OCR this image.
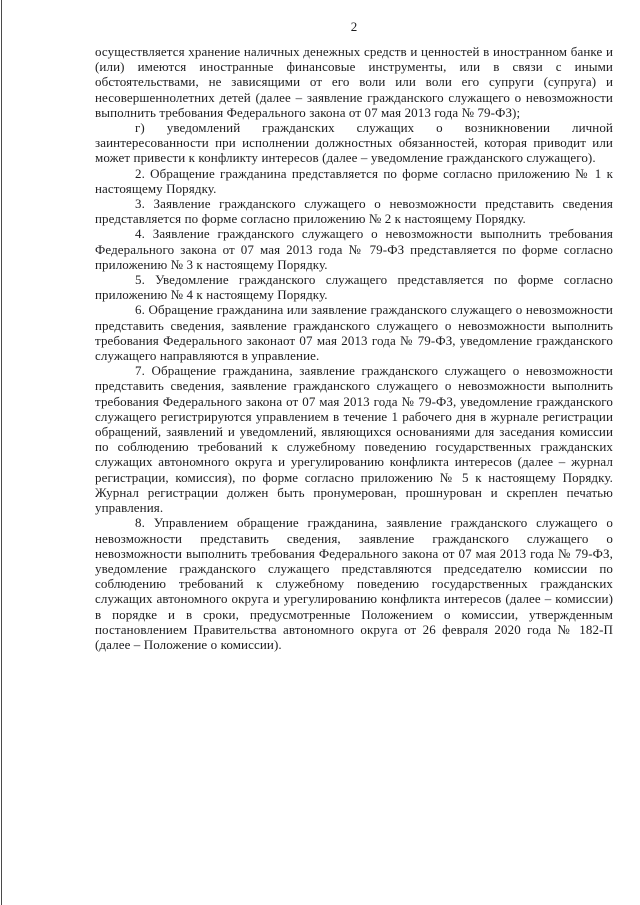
2

осуществляется хранение наличных денежных средств и ценностей в иностранном банке и (или) имеются иностранные финансовые инструменты, или в связи с иными обстоятельствами, не зависящими от его воли или воли его супруги (супруга) и несовершеннолетних детей (далее – заявление гражданского служащего о невозможности выполнить требования Федерального закона от 07 мая 2013 года № 79-ФЗ);

г) уведомлений гражданских служащих о возникновении личной заинтересованности при исполнении должностных обязанностей, которая приводит или может привести к конфликту интересов (далее – уведомление гражданского служащего).

2. Обращение гражданина представляется по форме согласно приложению № 1 к настоящему Порядку.

3. Заявление гражданского служащего о невозможности представить сведения представляется по форме согласно приложению № 2 к настоящему Порядку.

4. Заявление гражданского служащего о невозможности выполнить требования Федерального закона от 07 мая 2013 года № 79-ФЗ представляется по форме согласно приложению № 3 к настоящему Порядку.

5. Уведомление гражданского служащего представляется по форме согласно приложению № 4 к настоящему Порядку.

6. Обращение гражданина или заявление гражданского служащего о невозможности представить сведения, заявление гражданского служащего о невозможности выполнить требования Федерального законаот 07 мая 2013 года № 79-ФЗ, уведомление гражданского служащего направляются в управление.

7. Обращение гражданина, заявление гражданского служащего о невозможности представить сведения, заявление гражданского служащего о невозможности выполнить требования Федерального закона от 07 мая 2013 года № 79-ФЗ, уведомление гражданского служащего регистрируются управлением в течение 1 рабочего дня в журнале регистрации обращений, заявлений и уведомлений, являющихся основаниями для заседания комиссии по соблюдению требований к служебному поведению государственных гражданских служащих автономного округа и урегулированию конфликта интересов (далее – журнал регистрации, комиссия), по форме согласно приложению № 5 к настоящему Порядку. Журнал регистрации должен быть пронумерован, прошнурован и скреплен печатью управления.

8. Управлением обращение гражданина, заявление гражданского служащего о невозможности представить сведения, заявление гражданского служащего о невозможности выполнить требования Федерального закона от 07 мая 2013 года № 79-ФЗ, уведомление гражданского служащего представляются председателю комиссии по соблюдению требований к служебному поведению государственных гражданских служащих автономного округа и урегулированию конфликта интересов (далее – комиссии) в порядке и в сроки, предусмотренные Положением о комиссии, утвержденным постановлением Правительства автономного округа от 26 февраля 2020 года № 182-П (далее – Положение о комиссии).
